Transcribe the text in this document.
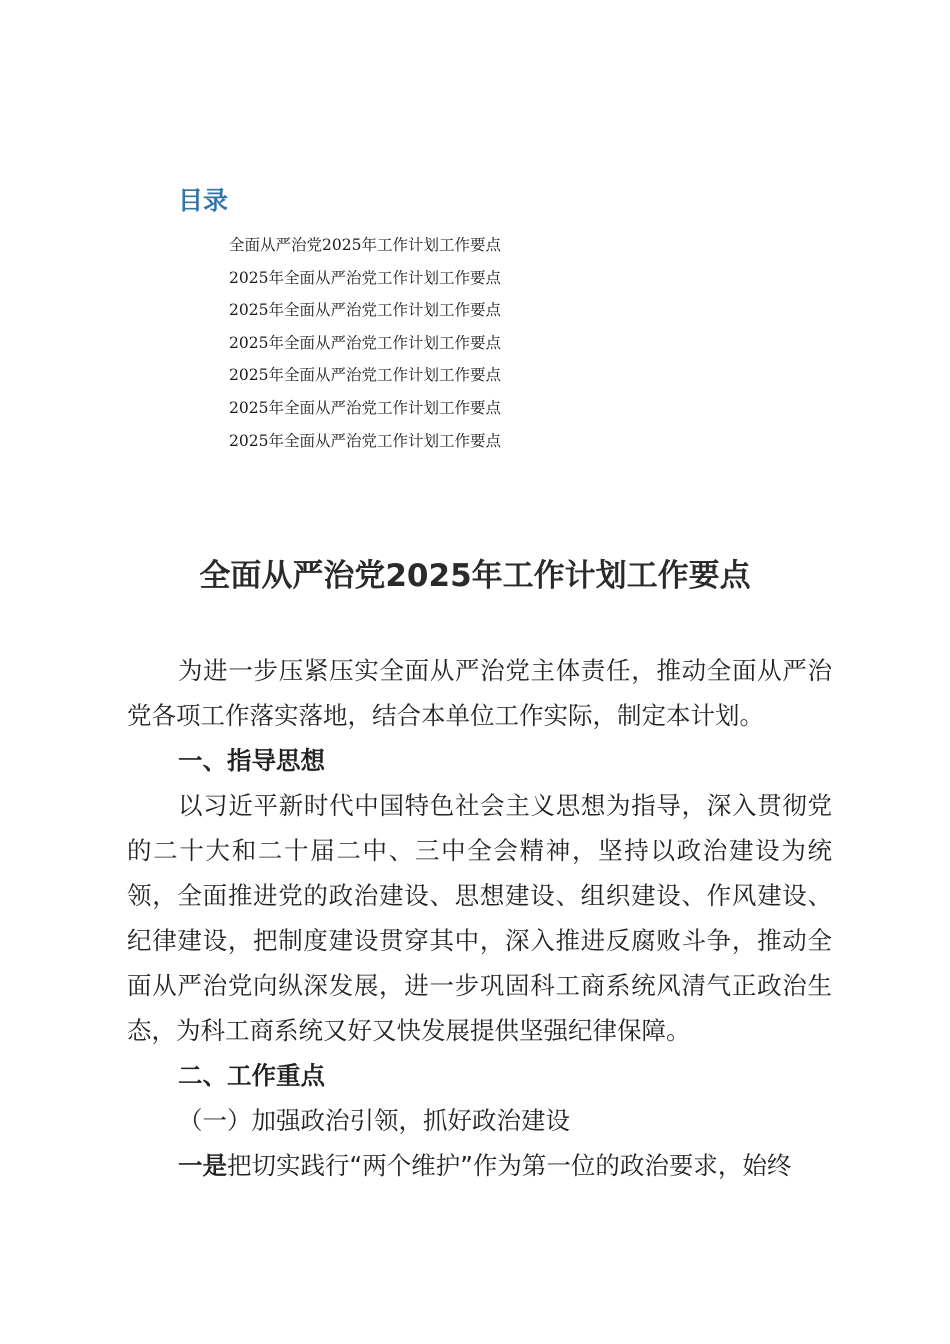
目录
全面从严治党2025年工作计划工作要点
2025年全面从严治党工作计划工作要点
2025年全面从严治党工作计划工作要点
2025年全面从严治党工作计划工作要点
2025年全面从严治党工作计划工作要点
2025年全面从严治党工作计划工作要点
2025年全面从严治党工作计划工作要点
全面从严治党2025年工作计划工作要点

为进一步压紧压实全面从严治党主体责任，推动全面从严治党各项工作落实落地，结合本单位工作实际，制定本计划。

一、指导思想

以习近平新时代中国特色社会主义思想为指导，深入贯彻党的二十大和二十届二中、三中全会精神，坚持以政治建设为统领，全面推进党的政治建设、思想建设、组织建设、作风建设、纪律建设，把制度建设贯穿其中，深入推进反腐败斗争，推动全面从严治党向纵深发展，进一步巩固科工商系统风清气正政治生态，为科工商系统又好又快发展提供坚强纪律保障。

二、工作重点

（一）加强政治引领，抓好政治建设

一是把切实践行“两个维护”作为第一位的政治要求，始终
